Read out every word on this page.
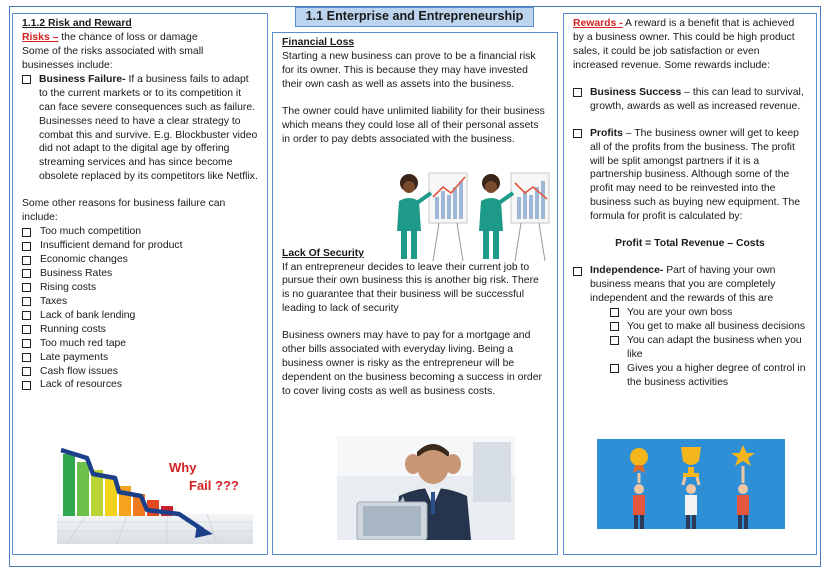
1.1 Enterprise and Entrepreneurship

1.1.2 Risk and Reward

Risks – the chance of loss or damage

Some of the risks associated with small businesses include:

Business Failure- If a business fails to adapt to the current markets or to its competition it can face severe consequences such as failure. Businesses need to have a clear strategy to combat this and survive. E.g. Blockbuster video did not adapt to the digital age by offering streaming services and has since become obsolete replaced by its competitors like Netflix.

Some other reasons for business failure can include:

Too much competition
Insufficient demand for product
Economic changes
Business Rates
Rising costs
Taxes
Lack of bank lending
Running costs
Too much red tape
Late payments
Cash flow issues
Lack of resources
Why
Fail ???

Financial Loss

Starting a new business can prove to be a financial risk for its owner. This is because they may have invested their own cash as well as assets into the business.

The owner could have unlimited liability for their business which means they could lose all of their personal assets in order to pay debts associated with the business.

Lack Of Security

If an entrepreneur decides to leave their current job to pursue their own business this is another big risk. There is no guarantee that their business will be successful leading to lack of security

Business owners may have to pay for a mortgage and other bills associated with everyday living. Being a business owner is risky as the entrepreneur will be dependent on the business becoming a success in order to cover living costs as well as business costs.

Rewards - A reward is a benefit that is achieved by a business owner. This could be high product sales, it could be job satisfaction or even increased revenue. Some rewards include:

Business Success – this can lead to survival, growth, awards as well as increased revenue.
Profits – The business owner will get to keep all of the profits from the business. The profit will be split amongst partners if it is a partnership business. Although some of the profit may need to be reinvested into the business such as buying new equipment. The formula for profit is calculated by:

Profit = Total Revenue – Costs

Independence- Part of having your own business means that you are completely independent and the rewards of this are
You are your own boss
You get to make all business decisions
You can adapt the business when you like
Gives you a higher degree of control in the business activities
